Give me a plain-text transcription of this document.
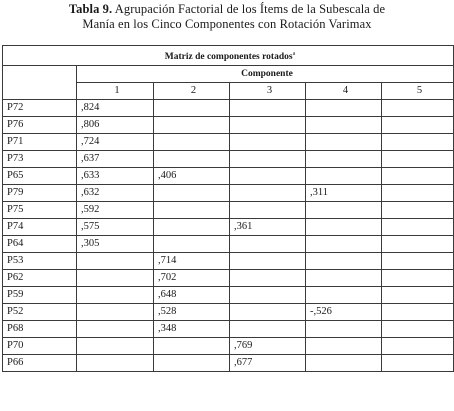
Tabla 9. Agrupación Factorial de los Ítems de la Subescala de
Manía en los Cinco Componentes con Rotación Varimax
Matriz de componentes rotados$^a$
	Componente				
	1	2	3	4	5
P72	,824				
P76	,806				
P71	,724				
P73	,637				
P65	,633	,406			
P79	,632			,311	
P75	,592				
P74	,575		,361		
P64	,305				
P53		,714			
P62		,702			
P59		,648			
P52		,528		-,526	
P68		,348			
P70			,769		
P66			,677		
